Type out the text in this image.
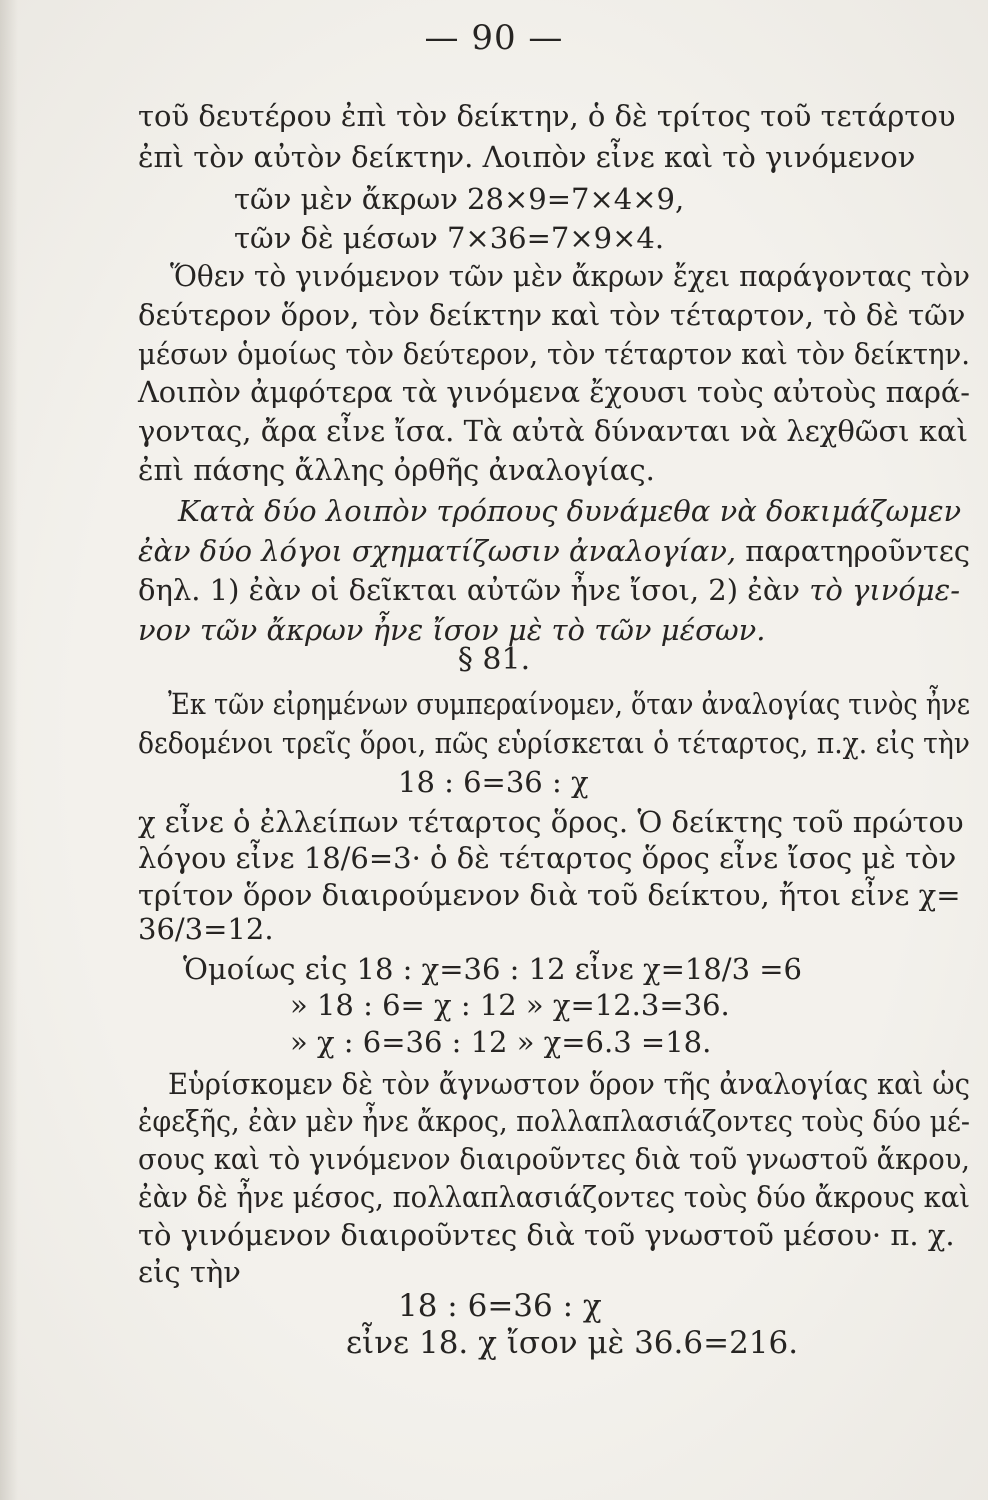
— 90 —
τοῦ δευτέρου ἐπὶ τὸν δείκτην, ὁ δὲ τρίτος τοῦ τετάρτου
ἐπὶ τὸν αὐτὸν δείκτην. Λοιπὸν εἶνε καὶ τὸ γινόμενον
τῶν μὲν ἄκρων 28×9=7×4×9,
τῶν δὲ μέσων 7×36=7×9×4.
Ὅθεν τὸ γινόμενον τῶν μὲν ἄκρων ἔχει παράγοντας τὸν
δεύτερον ὅρον, τὸν δείκτην καὶ τὸν τέταρτον, τὸ δὲ τῶν
μέσων ὁμοίως τὸν δεύτερον, τὸν τέταρτον καὶ τὸν δείκτην.
Λοιπὸν ἀμφότερα τὰ γινόμενα ἔχουσι τοὺς αὐτοὺς παρά-
γοντας, ἄρα εἶνε ἴσα. Τὰ αὐτὰ δύνανται νὰ λεχθῶσι καὶ
ἐπὶ πάσης ἄλλης ὀρθῆς ἀναλογίας.
Κατὰ δύο λοιπὸν τρόπους δυνάμεθα νὰ δοκιμάζωμεν
ἐὰν δύο λόγοι σχηματίζωσιν ἀναλογίαν, παρατηροῦντες
δηλ. 1) ἐὰν οἱ δεῖκται αὐτῶν ἦνε ἴσοι, 2) ἐὰν τὸ γινόμε-
νον τῶν ἄκρων ἦνε ἴσον μὲ τὸ τῶν μέσων.
§ 81.
Ἐκ τῶν εἰρημένων συμπεραίνομεν, ὅταν ἀναλογίας τινὸς ἦνε
δεδομένοι τρεῖς ὅροι, πῶς εὑρίσκεται ὁ τέταρτος, π.χ. εἰς τὴν
18 : 6=36 : χ
χ εἶνε ὁ ἐλλείπων τέταρτος ὅρος. Ὁ δείκτης τοῦ πρώτου
λόγου εἶνε 18/6=3· ὁ δὲ τέταρτος ὅρος εἶνε ἴσος μὲ τὸν
τρίτον ὅρον διαιρούμενον διὰ τοῦ δείκτου, ἤτοι εἶνε χ=
36/3=12.
Ὁμοίως εἰς 18 : χ=36 : 12 εἶνε χ=18/3 =6
» 18 : 6= χ : 12 » χ=12.3=36.
» χ : 6=36 : 12 » χ=6.3 =18.
Εὑρίσκομεν δὲ τὸν ἄγνωστον ὅρον τῆς ἀναλογίας καὶ ὡς
ἐφεξῆς, ἐὰν μὲν ἦνε ἄκρος, πολλαπλασιάζοντες τοὺς δύο μέ-
σους καὶ τὸ γινόμενον διαιροῦντες διὰ τοῦ γνωστοῦ ἄκρου,
ἐὰν δὲ ἦνε μέσος, πολλαπλασιάζοντες τοὺς δύο ἄκρους καὶ
τὸ γινόμενον διαιροῦντες διὰ τοῦ γνωστοῦ μέσου· π. χ.
εἰς τὴν
18 : 6=36 : χ
εἶνε 18. χ ἴσον μὲ 36.6=216.
